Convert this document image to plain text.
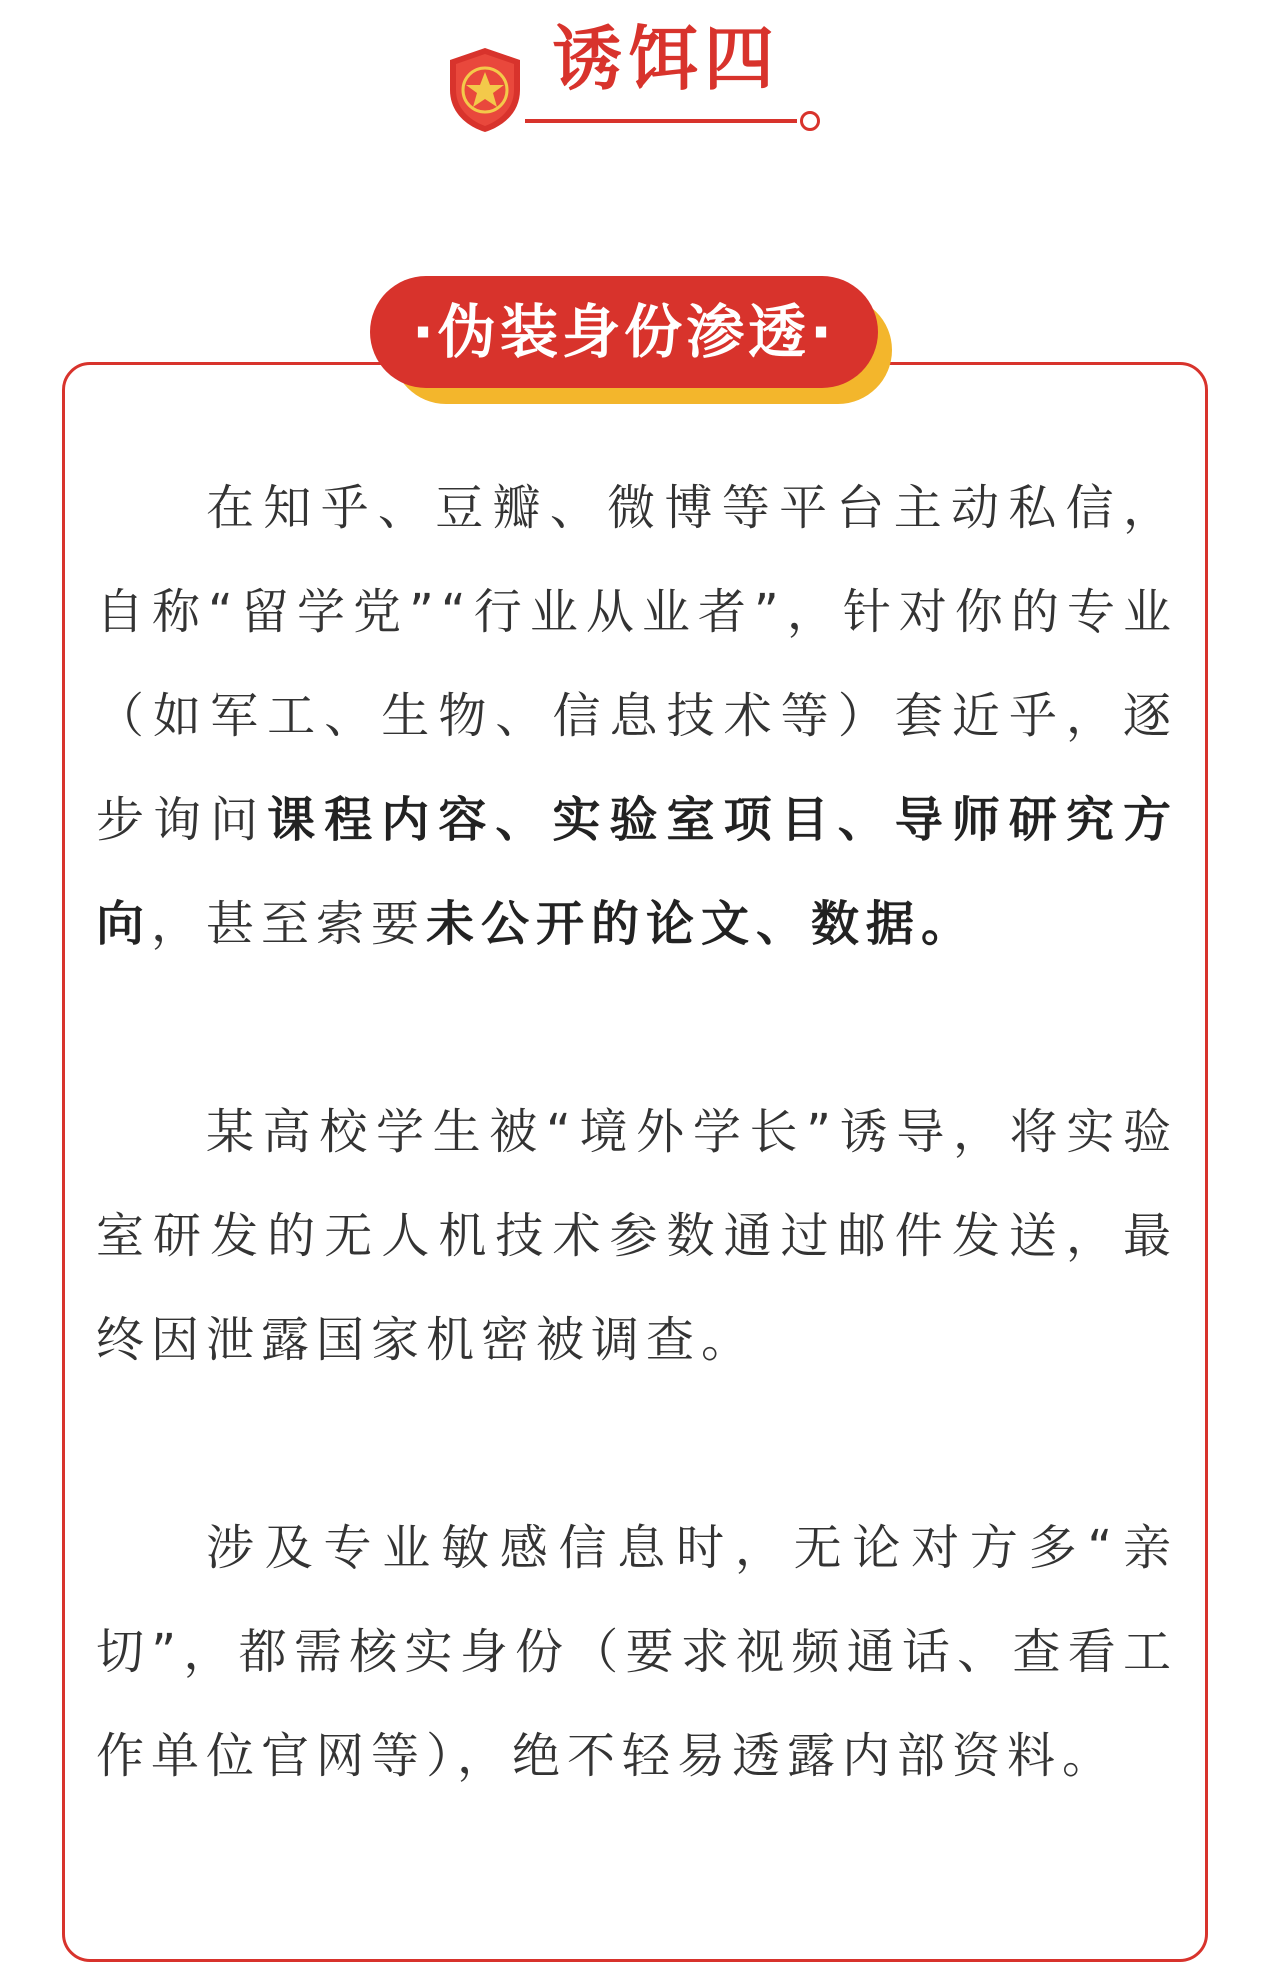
诱饵四
·伪装身份渗透·

在知乎、豆瓣、微博等平台主动私信，自称“留学党”“行业从业者”，针对你的专业（如军工、生物、信息技术等）套近乎，逐步询问课程内容、实验室项目、导师研究方向，甚至索要未公开的论文、数据。

某高校学生被“境外学长”诱导，将实验室研发的无人机技术参数通过邮件发送，最终因泄露国家机密被调查。

涉及专业敏感信息时，无论对方多“亲切”，都需核实身份（要求视频通话、查看工作单位官网等），绝不轻易透露内部资料。
